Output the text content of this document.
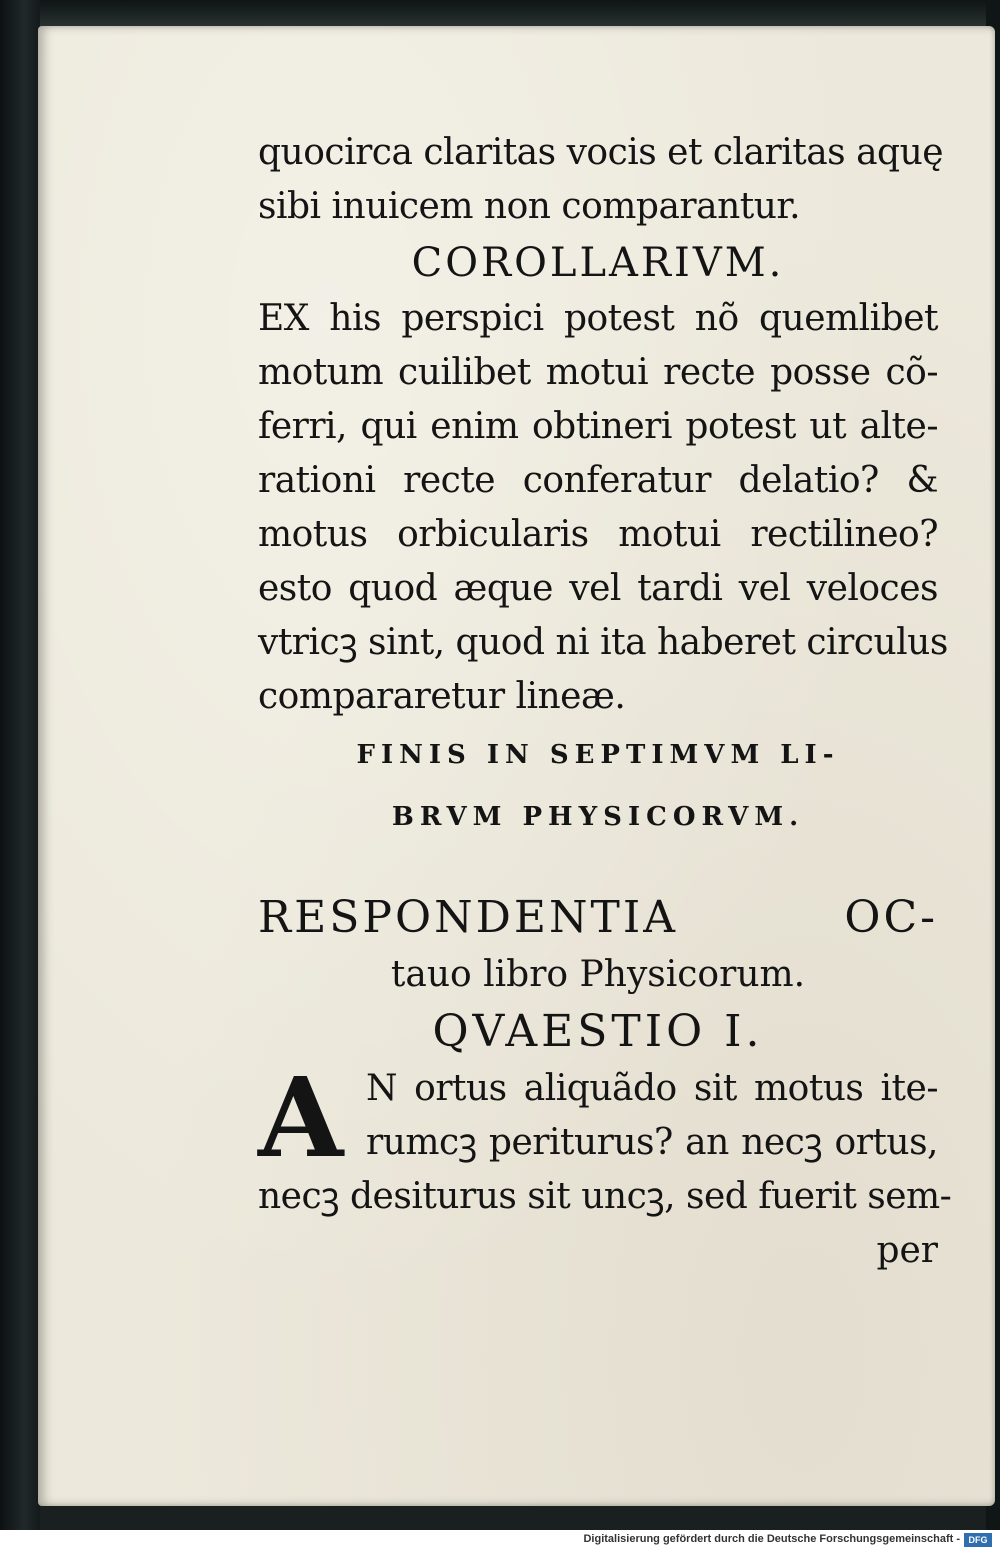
quocirca claritas vocis et claritas aquę
sibi inuicem non comparantur.
COROLLARIVM.
EX his perspici potest nõ quemlibet
motum cuilibet motui recte posse cõ-
ferri, qui enim obtineri potest ut alte-
rationi recte conferatur delatio? &
motus orbicularis motui rectilineo?
esto quod æque vel tardi vel veloces
vtricꝫ sint, quod ni ita haberet circulus
compararetur lineæ.
FINIS IN SEPTIMVM LI-
BRVM PHYSICORVM.
RESPONDENTIA OC-
tauo libro Physicorum.
QVAESTIO I.
A N ortus aliquãdo sit motus ite-
rumcꝫ periturus? an necꝫ ortus,
necꝫ desiturus sit uncꝫ, sed fuerit sem-
per
Digitalisierung gefördert durch die Deutsche Forschungsgemeinschaft - DFG
